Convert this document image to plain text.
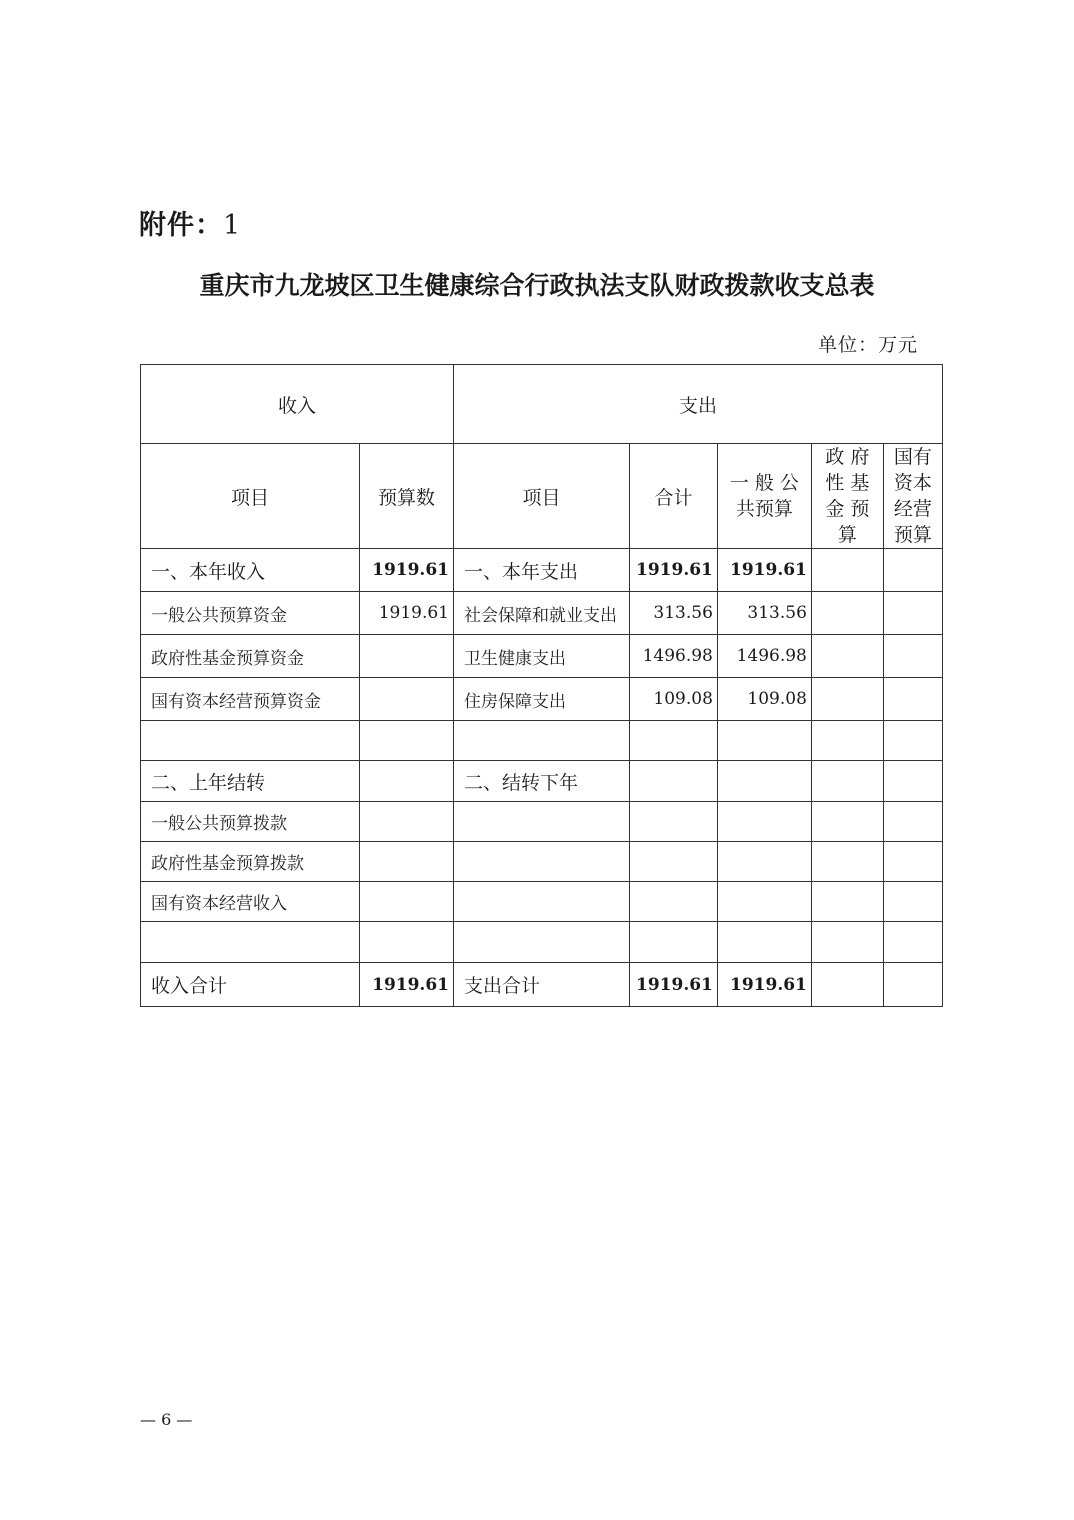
附件：1
重庆市九龙坡区卫生健康综合行政执法支队财政拨款收支总表
单位：万元
收入		支出				
项目	预算数	项目	合计	一 般 公 共预算	政 府 性 基 金 预 算	国有资本经营预算
一、本年收入	1919.61	一、本年支出	1919.61	1919.61		
一般公共预算资金	1919.61	社会保障和就业支出	313.56	313.56		
政府性基金预算资金		卫生健康支出	1496.98	1496.98		
国有资本经营预算资金		住房保障支出	109.08	109.08		

二、上年结转		二、结转下年				
一般公共预算拨款						
政府性基金预算拨款						
国有资本经营收入						

收入合计	1919.61	支出合计	1919.61	1919.61		
— 6 —
